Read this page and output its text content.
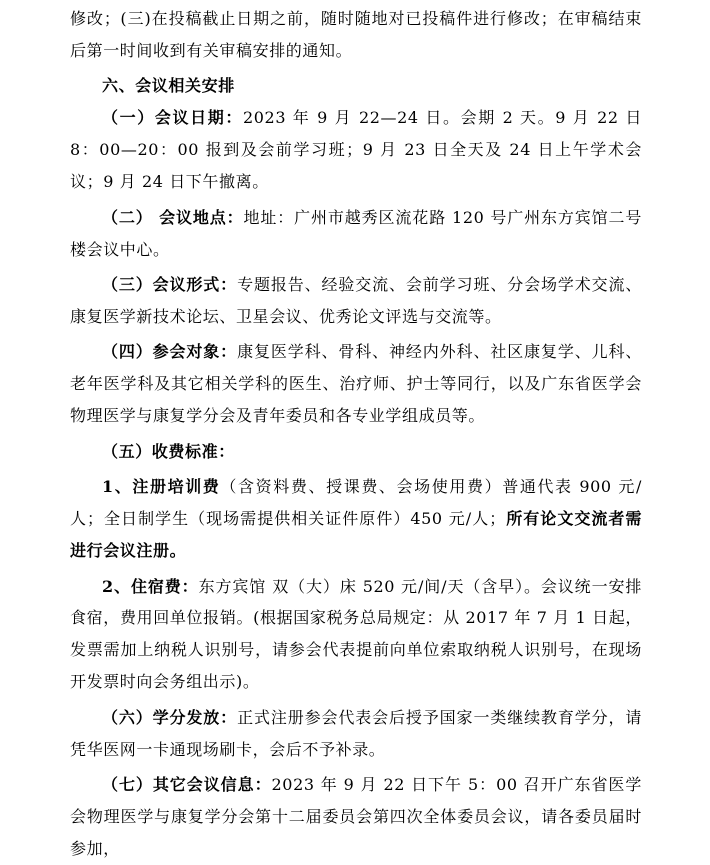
修改；(三)在投稿截止日期之前，随时随地对已投稿件进行修改；在审稿结束后第一时间收到有关审稿安排的通知。

六、会议相关安排

（一）会议日期：2023 年 9 月 22—24 日。会期 2 天。9 月 22 日 8：00—20：00 报到及会前学习班；9 月 23 日全天及 24 日上午学术会议；9 月 24 日下午撤离。

（二） 会议地点：地址：广州市越秀区流花路 120 号广州东方宾馆二号楼会议中心。

（三）会议形式：专题报告、经验交流、会前学习班、分会场学术交流、康复医学新技术论坛、卫星会议、优秀论文评选与交流等。

（四）参会对象：康复医学科、骨科、神经内外科、社区康复学、儿科、老年医学科及其它相关学科的医生、治疗师、护士等同行，以及广东省医学会物理医学与康复学分会及青年委员和各专业学组成员等。

（五）收费标准：

1、注册培训费（含资料费、授课费、会场使用费）普通代表 900 元/人；全日制学生（现场需提供相关证件原件）450 元/人；所有论文交流者需进行会议注册。

2、住宿费：东方宾馆 双（大）床 520 元/间/天（含早）。会议统一安排食宿，费用回单位报销。(根据国家税务总局规定：从 2017 年 7 月 1 日起，发票需加上纳税人识别号，请参会代表提前向单位索取纳税人识别号，在现场开发票时向会务组出示)。

（六）学分发放：正式注册参会代表会后授予国家一类继续教育学分，请凭华医网一卡通现场刷卡，会后不予补录。

（七）其它会议信息：2023 年 9 月 22 日下午 5：00 召开广东省医学会物理医学与康复学分会第十二届委员会第四次全体委员会议，请各委员届时参加，
